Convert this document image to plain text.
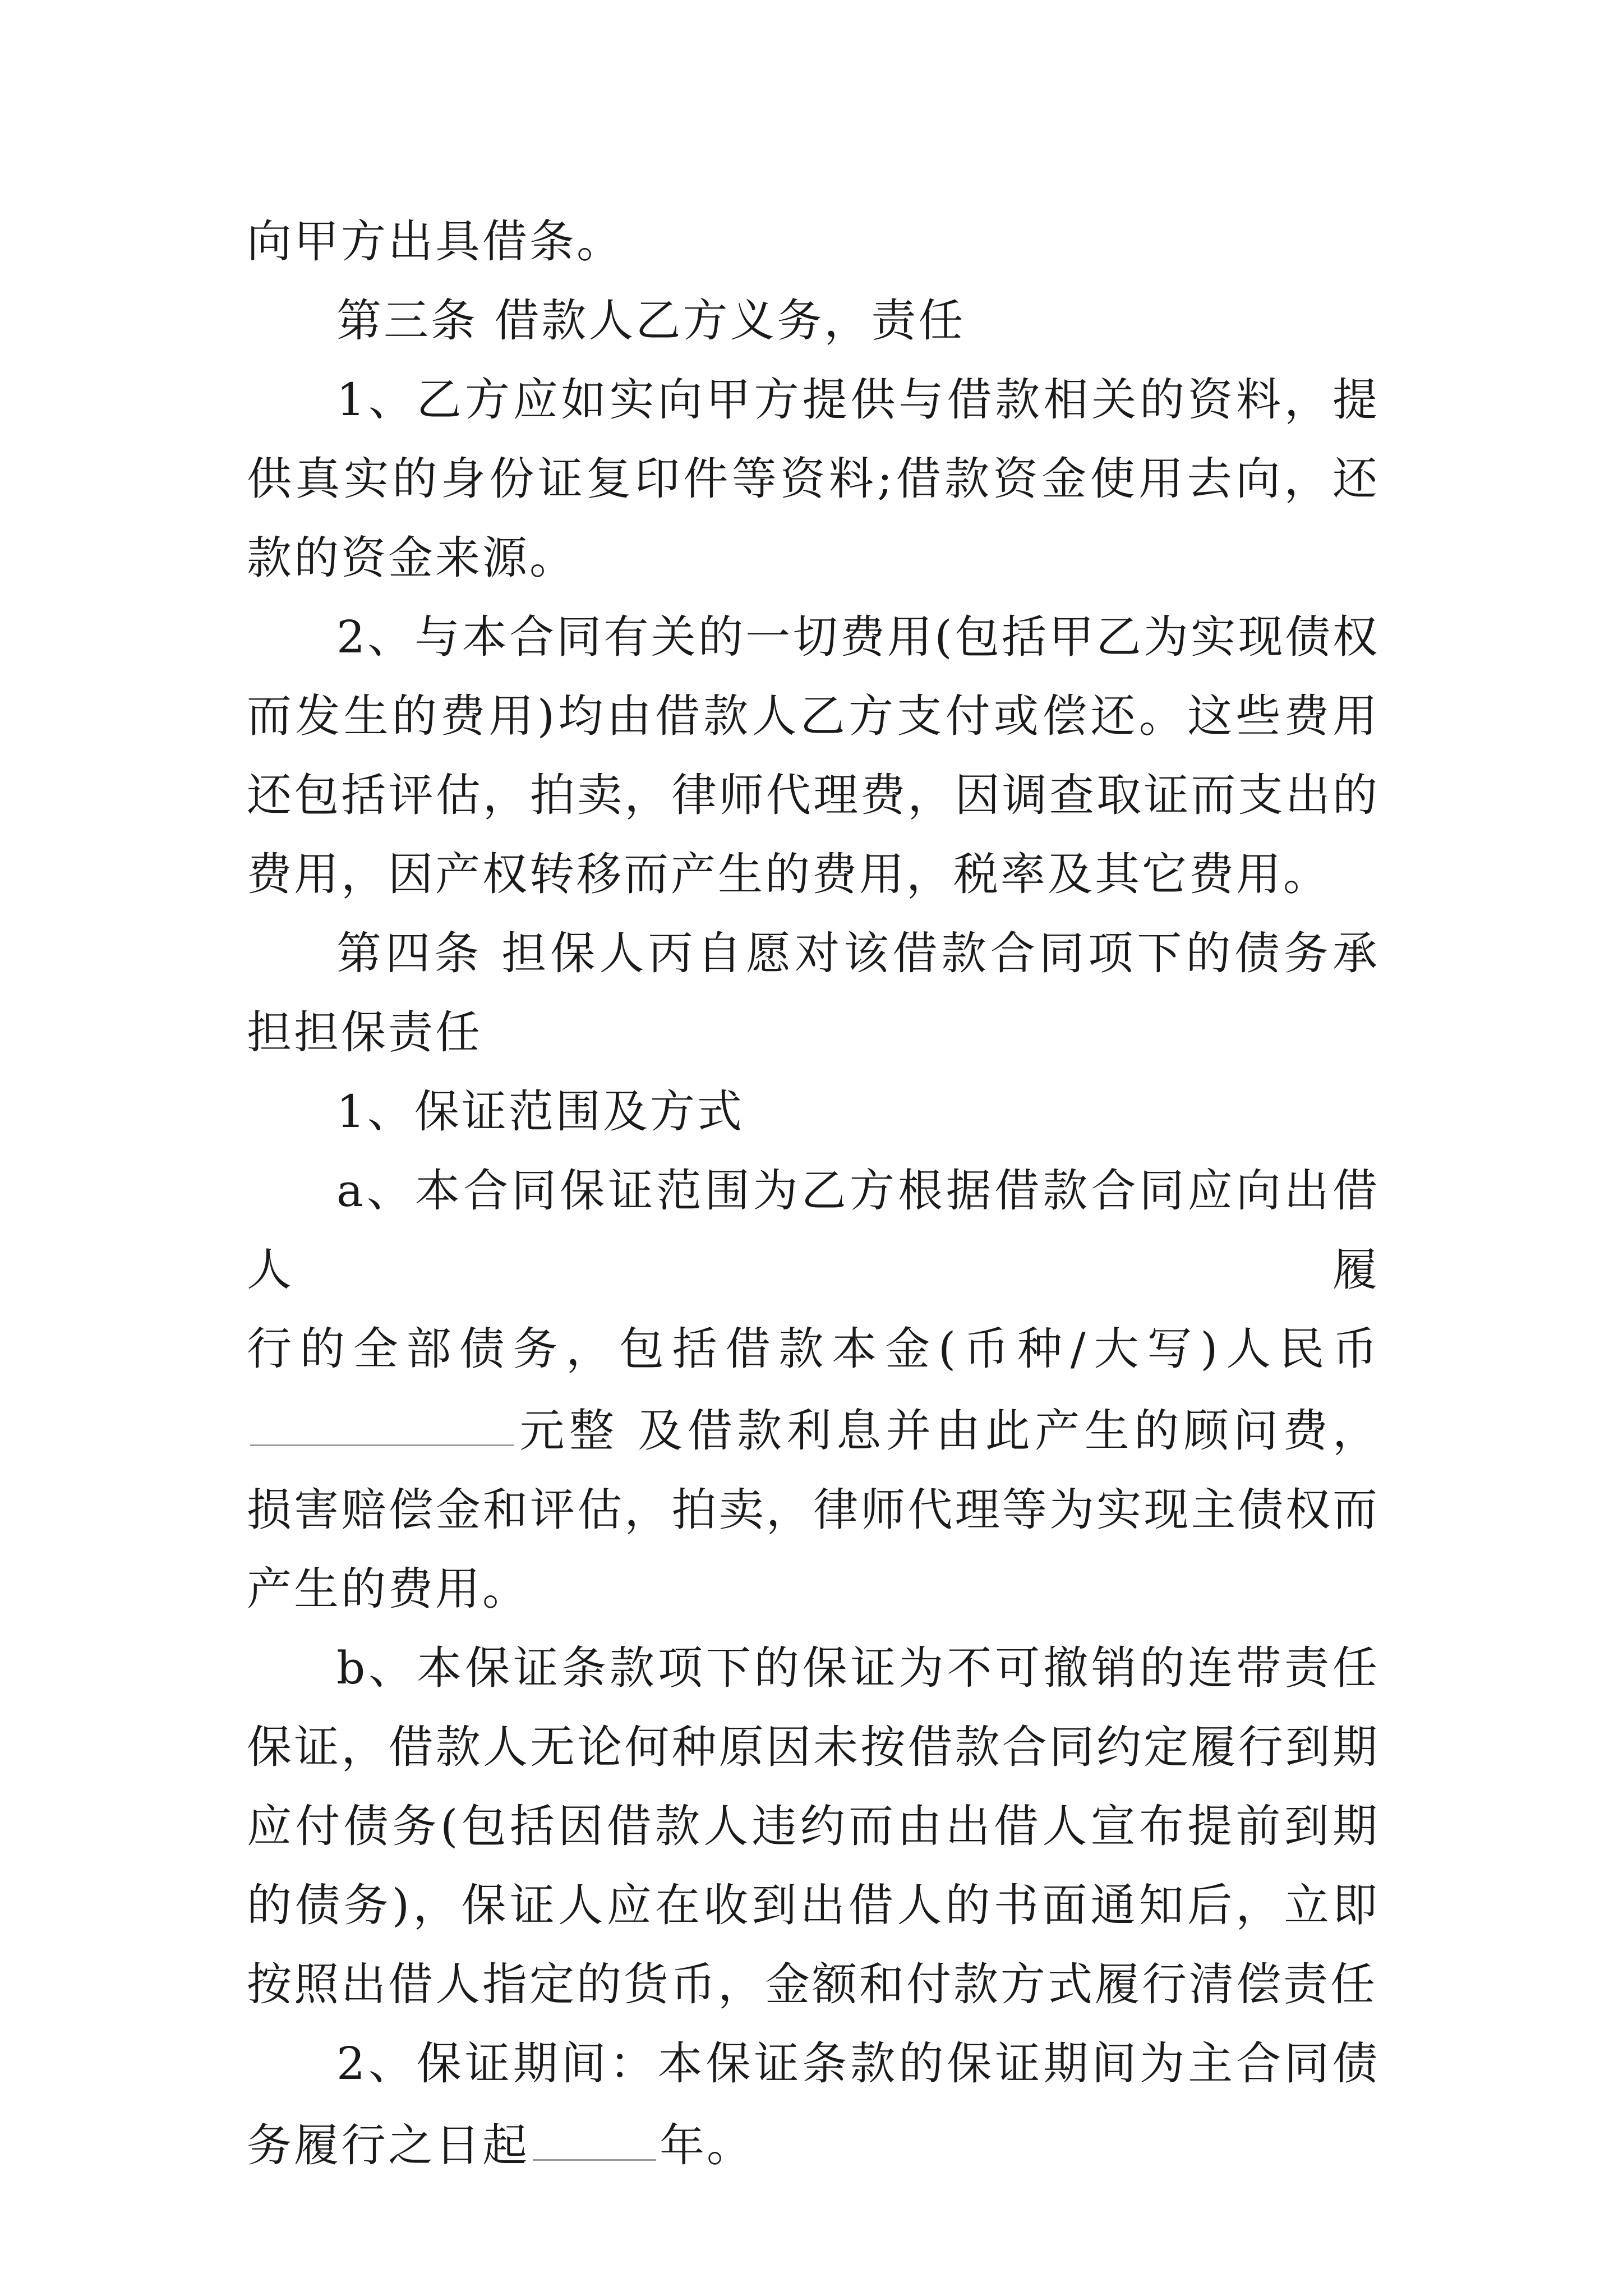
向甲方出具借条。

第三条 借款人乙方义务，责任

1、乙方应如实向甲方提供与借款相关的资料，提供真实的身份证复印件等资料;借款资金使用去向，还款的资金来源。

2、与本合同有关的一切费用(包括甲乙为实现债权而发生的费用)均由借款人乙方支付或偿还。这些费用还包括评估，拍卖，律师代理费，因调查取证而支出的费用，因产权转移而产生的费用，税率及其它费用。

第四条 担保人丙自愿对该借款合同项下的债务承担担保责任

1、保证范围及方式

a、本合同保证范围为乙方根据借款合同应向出借人履
行的全部债务，包括借款本金(币种/大写)人民币
元整 及借款利息并由此产生的顾问费，损害赔偿金和评估，拍卖，律师代理等为实现主债权而产生的费用。

b、本保证条款项下的保证为不可撤销的连带责任保证，借款人无论何种原因未按借款合同约定履行到期应付债务(包括因借款人违约而由出借人宣布提前到期的债务)，保证人应在收到出借人的书面通知后，立即按照出借人指定的货币，金额和付款方式履行清偿责任

2、保证期间：本保证条款的保证期间为主合同债务履行之日起	年。
